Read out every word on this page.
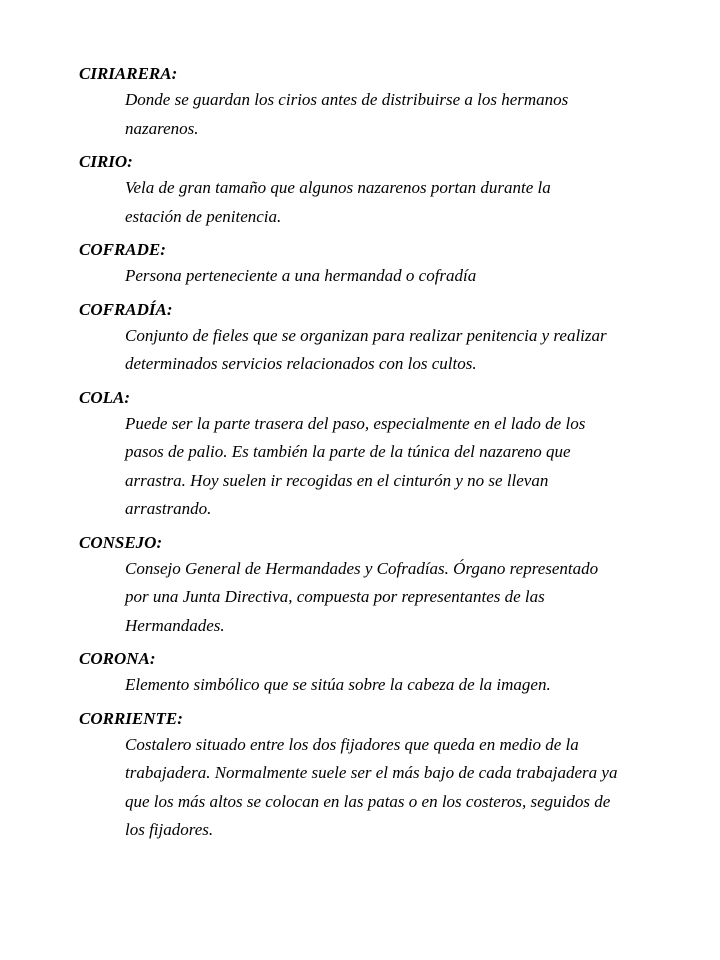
CIRIARERA:

Donde se guardan los cirios antes de distribuirse a los hermanos
nazarenos.

CIRIO:

Vela de gran tamaño que algunos nazarenos portan durante la
estación de penitencia.

COFRADE:

Persona perteneciente a una hermandad o cofradía

COFRADÍA:

Conjunto de fieles que se organizan para realizar penitencia y realizar
determinados servicios relacionados con los cultos.

COLA:

Puede ser la parte trasera del paso, especialmente en el lado de los
pasos de palio. Es también la parte de la túnica del nazareno que
arrastra. Hoy suelen ir recogidas en el cinturón y no se llevan
arrastrando.

CONSEJO:

Consejo General de Hermandades y Cofradías. Órgano representado
por una Junta Directiva, compuesta por representantes de las
Hermandades.

CORONA:

Elemento simbólico que se sitúa sobre la cabeza de la imagen.

CORRIENTE:

Costalero situado entre los dos fijadores que queda en medio de la
trabajadera. Normalmente suele ser el más bajo de cada trabajadera ya
que los más altos se colocan en las patas o en los costeros, seguidos de
los fijadores.
